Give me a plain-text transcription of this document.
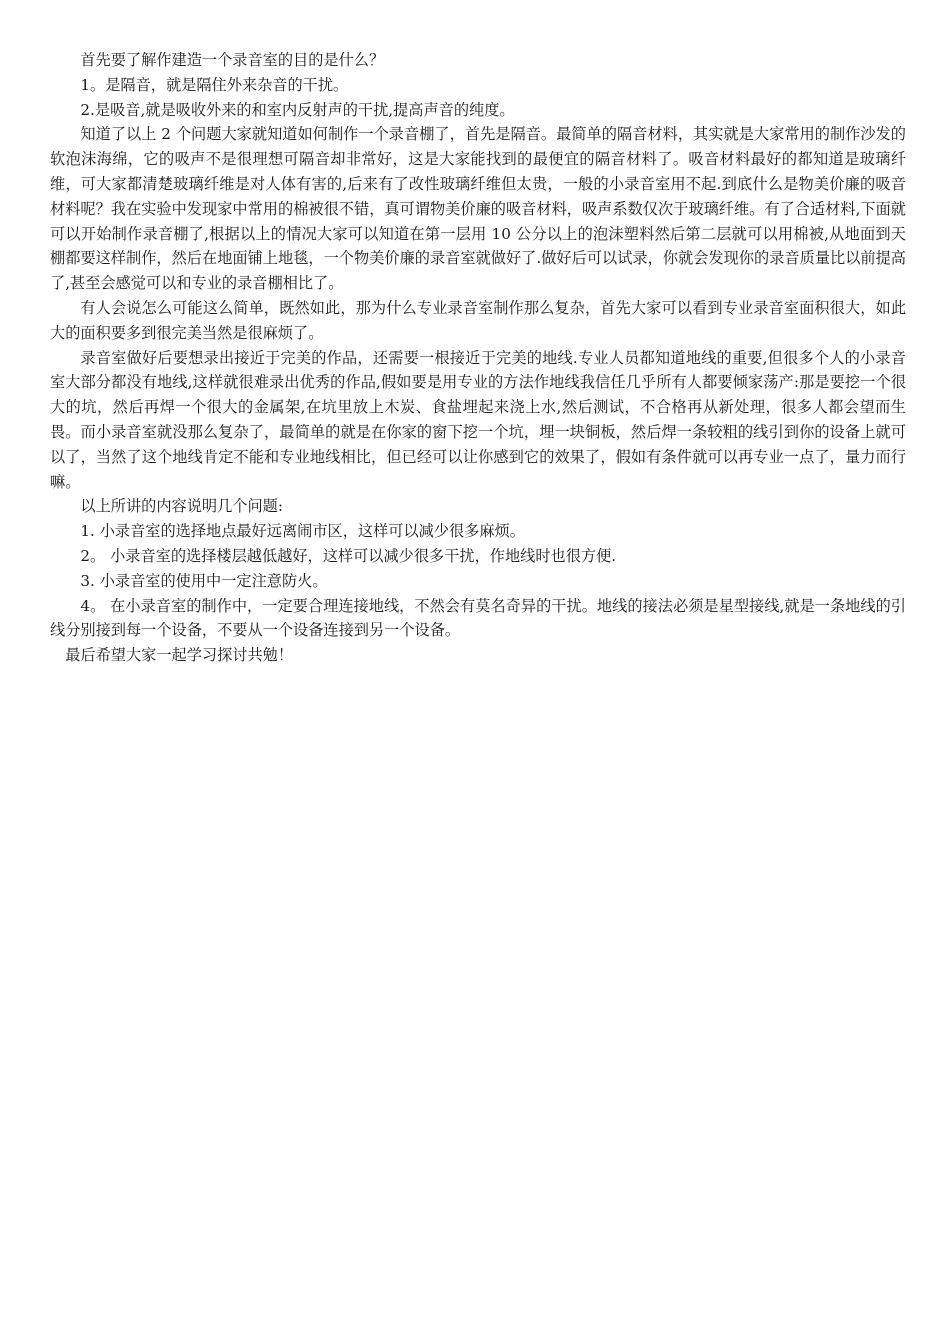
首先要了解作建造一个录音室的目的是什么？

1。是隔音，就是隔住外来杂音的干扰。

2.是吸音,就是吸收外来的和室内反射声的干扰,提高声音的纯度。

知道了以上 2 个问题大家就知道如何制作一个录音棚了，首先是隔音。最简单的隔音材料，其实就是大家常用的制作沙发的软泡沫海绵，它的吸声不是很理想可隔音却非常好，这是大家能找到的最便宜的隔音材料了。吸音材料最好的都知道是玻璃纤维，可大家都清楚玻璃纤维是对人体有害的,后来有了改性玻璃纤维但太贵，一般的小录音室用不起.到底什么是物美价廉的吸音材料呢？我在实验中发现家中常用的棉被很不错，真可谓物美价廉的吸音材料，吸声系数仅次于玻璃纤维。有了合适材料,下面就可以开始制作录音棚了,根据以上的情况大家可以知道在第一层用 10 公分以上的泡沫塑料然后第二层就可以用棉被,从地面到天棚都要这样制作，然后在地面铺上地毯，一个物美价廉的录音室就做好了.做好后可以试录，你就会发现你的录音质量比以前提高了,甚至会感觉可以和专业的录音棚相比了。

有人会说怎么可能这么简单，既然如此，那为什么专业录音室制作那么复杂，首先大家可以看到专业录音室面积很大，如此大的面积要多到很完美当然是很麻烦了。

录音室做好后要想录出接近于完美的作品，还需要一根接近于完美的地线.专业人员都知道地线的重要,但很多个人的小录音室大部分都没有地线,这样就很难录出优秀的作品,假如要是用专业的方法作地线我信任几乎所有人都要倾家荡产:那是要挖一个很大的坑，然后再焊一个很大的金属架,在坑里放上木炭、食盐埋起来浇上水,然后测试，不合格再从新处理，很多人都会望而生畏。而小录音室就没那么复杂了，最简单的就是在你家的窗下挖一个坑，埋一块铜板，然后焊一条较粗的线引到你的设备上就可以了，当然了这个地线肯定不能和专业地线相比，但已经可以让你感到它的效果了，假如有条件就可以再专业一点了，量力而行嘛。

以上所讲的内容说明几个问题:

1. 小录音室的选择地点最好远离闹市区，这样可以减少很多麻烦。

2。 小录音室的选择楼层越低越好，这样可以减少很多干扰，作地线时也很方便.

3. 小录音室的使用中一定注意防火。

4。 在小录音室的制作中，一定要合理连接地线，不然会有莫名奇异的干扰。地线的接法必须是星型接线,就是一条地线的引线分别接到每一个设备，不要从一个设备连接到另一个设备。

最后希望大家一起学习探讨共勉！
